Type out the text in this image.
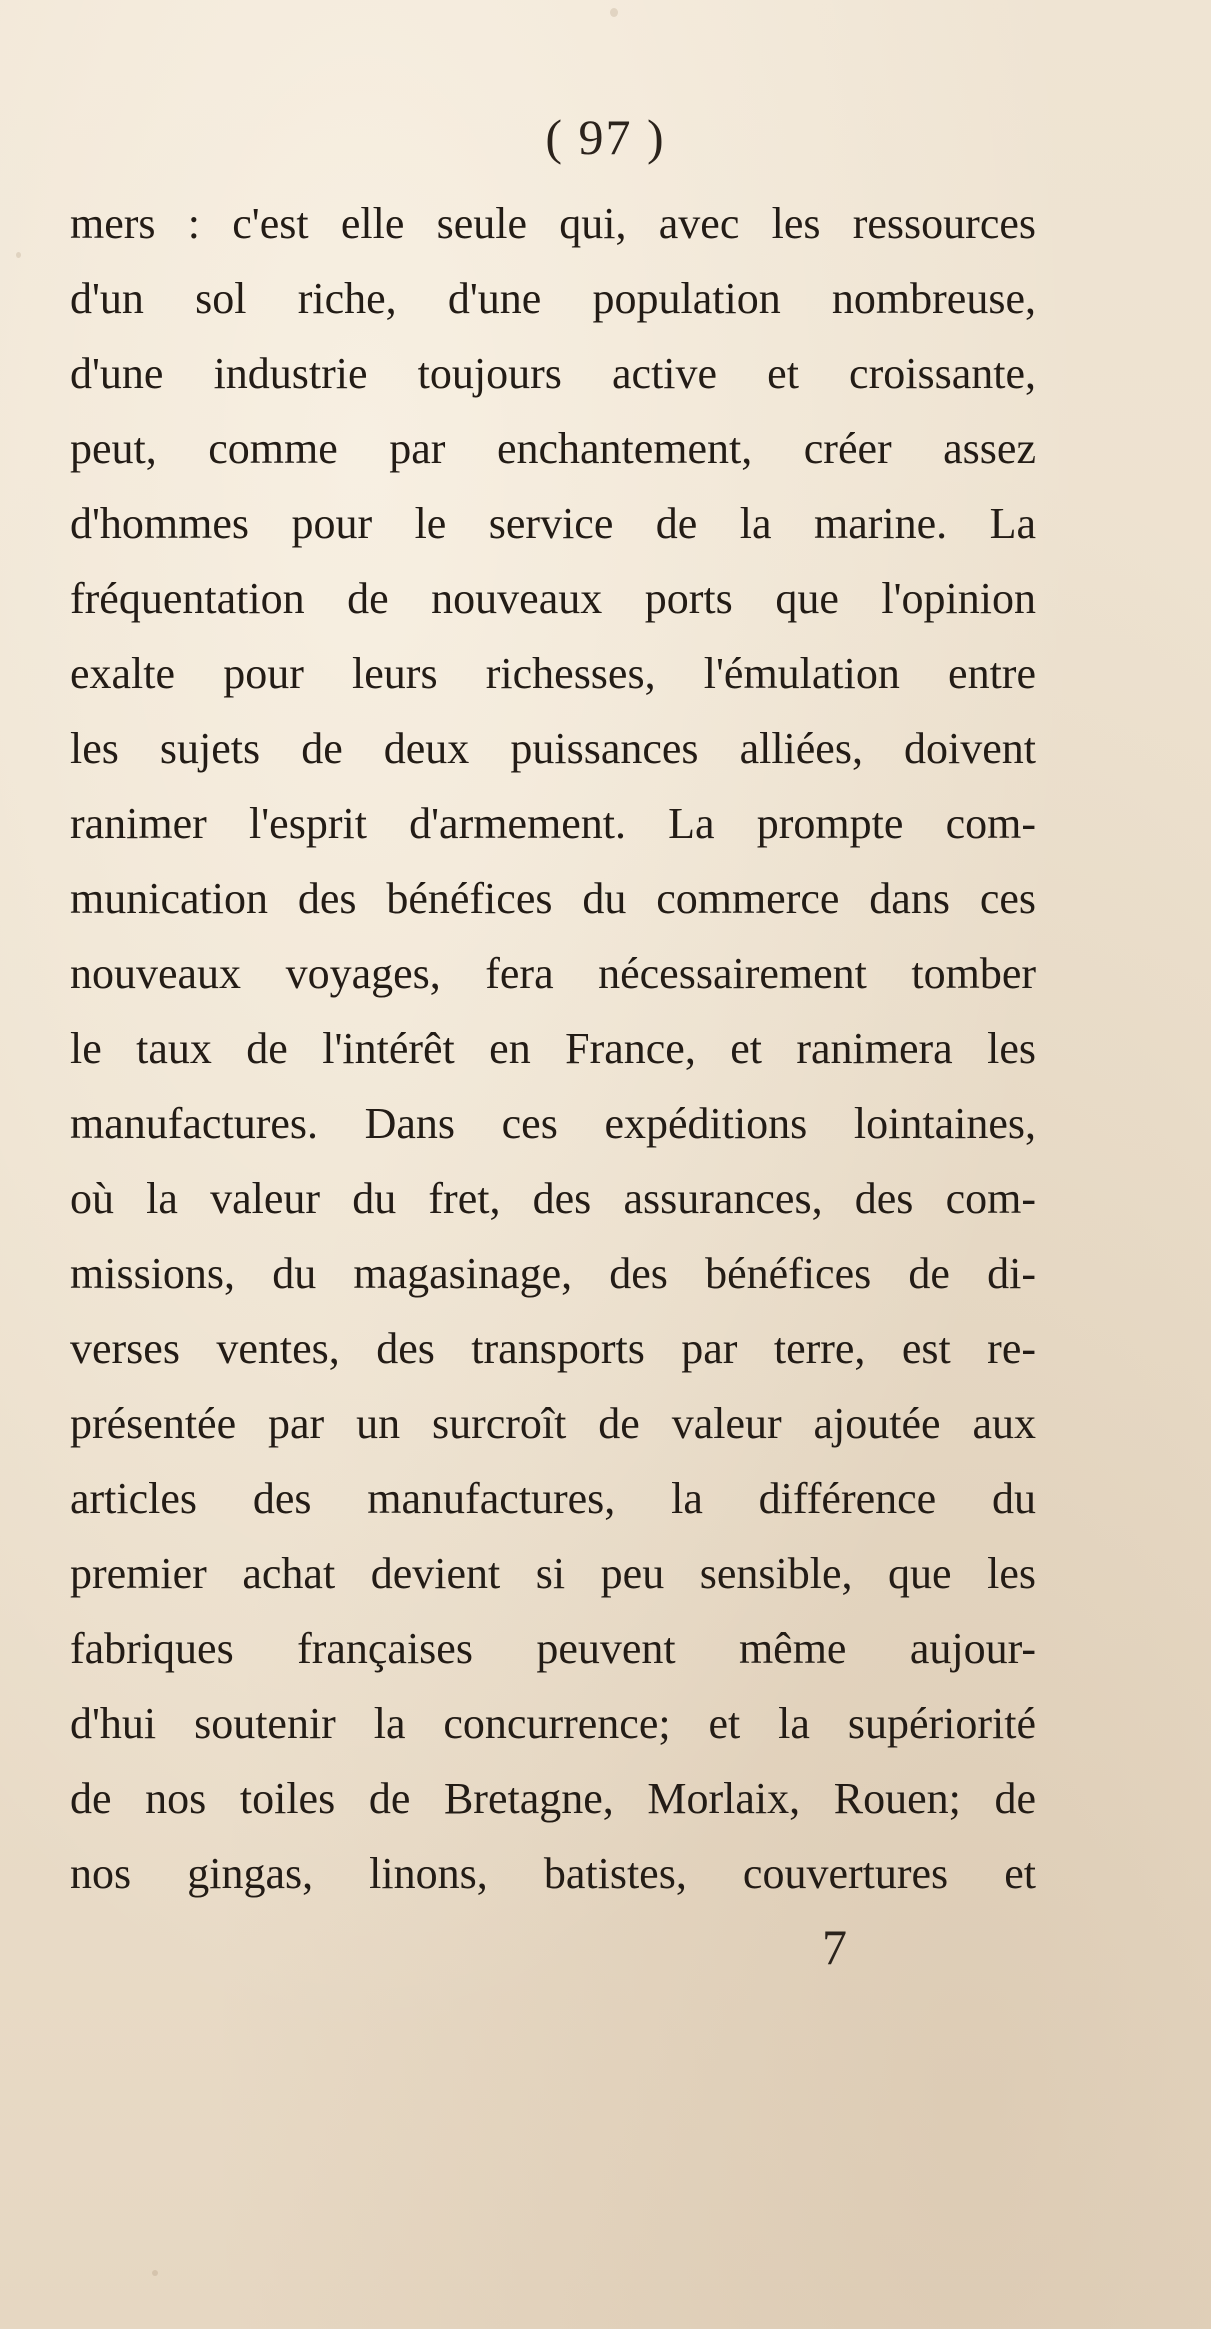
( 97 )
mers : c'est elle seule qui, avec les ressources
d'un sol riche, d'une population nombreuse,
d'une industrie toujours active et croissante,
peut, comme par enchantement, créer assez
d'hommes pour le service de la marine. La
fréquentation de nouveaux ports que l'opinion
exalte pour leurs richesses, l'émulation entre
les sujets de deux puissances alliées, doivent
ranimer l'esprit d'armement. La prompte com-
munication des bénéfices du commerce dans ces
nouveaux voyages, fera nécessairement tomber
le taux de l'intérêt en France, et ranimera les
manufactures. Dans ces expéditions lointaines,
où la valeur du fret, des assurances, des com-
missions, du magasinage, des bénéfices de di-
verses ventes, des transports par terre, est re-
présentée par un surcroît de valeur ajoutée aux
articles des manufactures, la différence du
premier achat devient si peu sensible, que les
fabriques françaises peuvent même aujour-
d'hui soutenir la concurrence; et la supériorité
de nos toiles de Bretagne, Morlaix, Rouen; de
nos gingas, linons, batistes, couvertures et
7
